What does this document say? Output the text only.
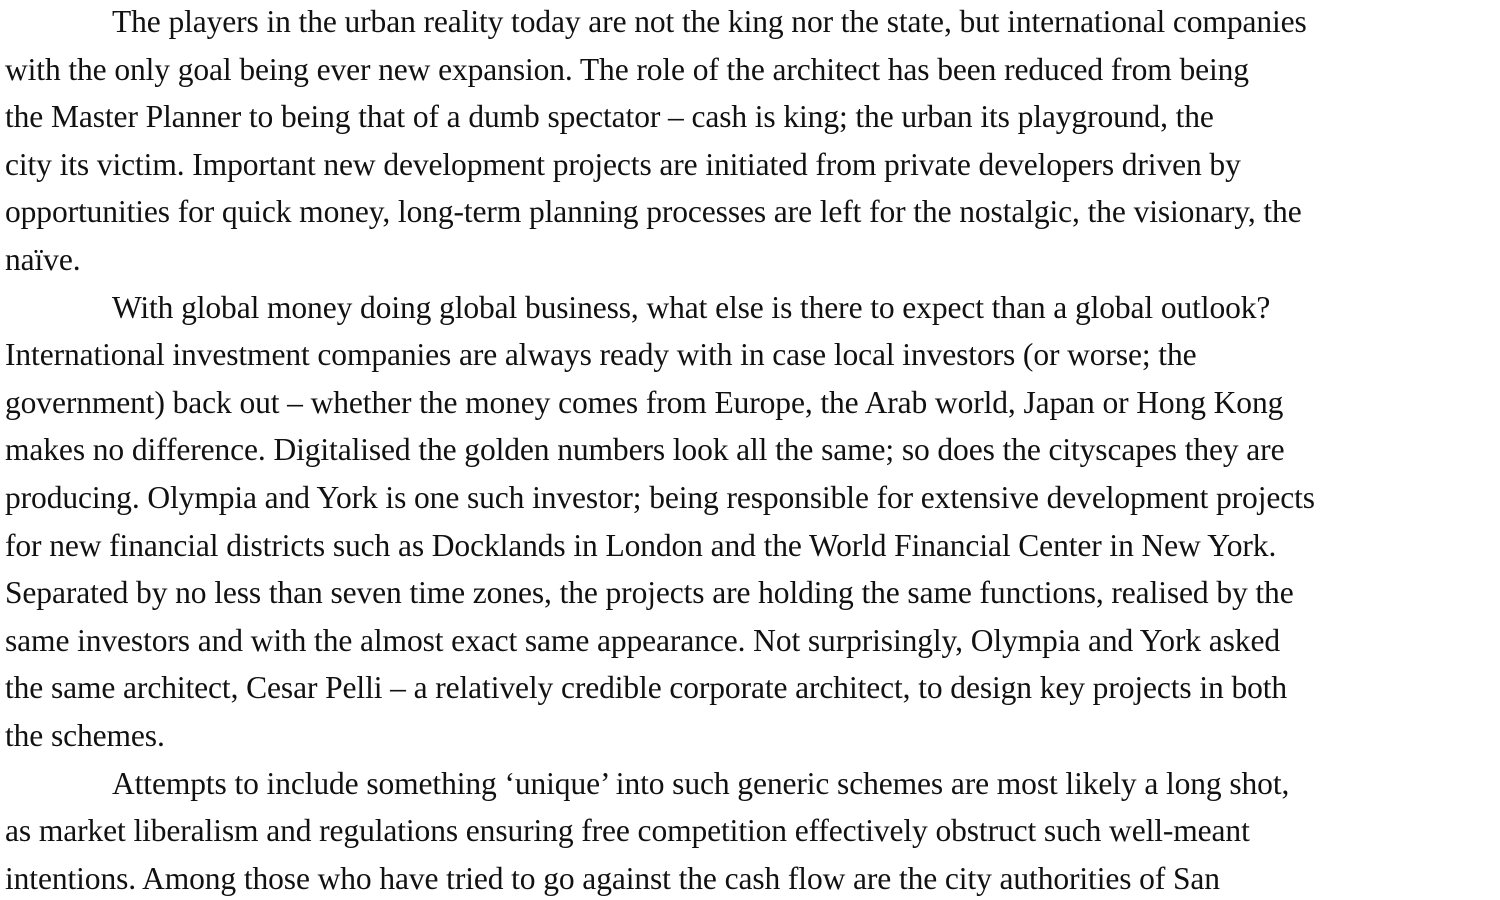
The players in the urban reality today are not the king nor the state, but international companies
with the only goal being ever new expansion. The role of the architect has been reduced from being
the Master Planner to being that of a dumb spectator – cash is king; the urban its playground, the
city its victim. Important new development projects are initiated from private developers driven by
opportunities for quick money, long-term planning processes are left for the nostalgic, the visionary, the
naïve.
With global money doing global business, what else is there to expect than a global outlook?
International investment companies are always ready with in case local investors (or worse; the
government) back out – whether the money comes from Europe, the Arab world, Japan or Hong Kong
makes no difference. Digitalised the golden numbers look all the same; so does the cityscapes they are
producing. Olympia and York is one such investor; being responsible for extensive development projects
for new financial districts such as Docklands in London and the World Financial Center in New York.
Separated by no less than seven time zones, the projects are holding the same functions, realised by the
same investors and with the almost exact same appearance. Not surprisingly, Olympia and York asked
the same architect, Cesar Pelli – a relatively credible corporate architect, to design key projects in both
the schemes.
Attempts to include something ‘unique’ into such generic schemes are most likely a long shot,
as market liberalism and regulations ensuring free competition effectively obstruct such well-meant
intentions. Among those who have tried to go against the cash flow are the city authorities of San
